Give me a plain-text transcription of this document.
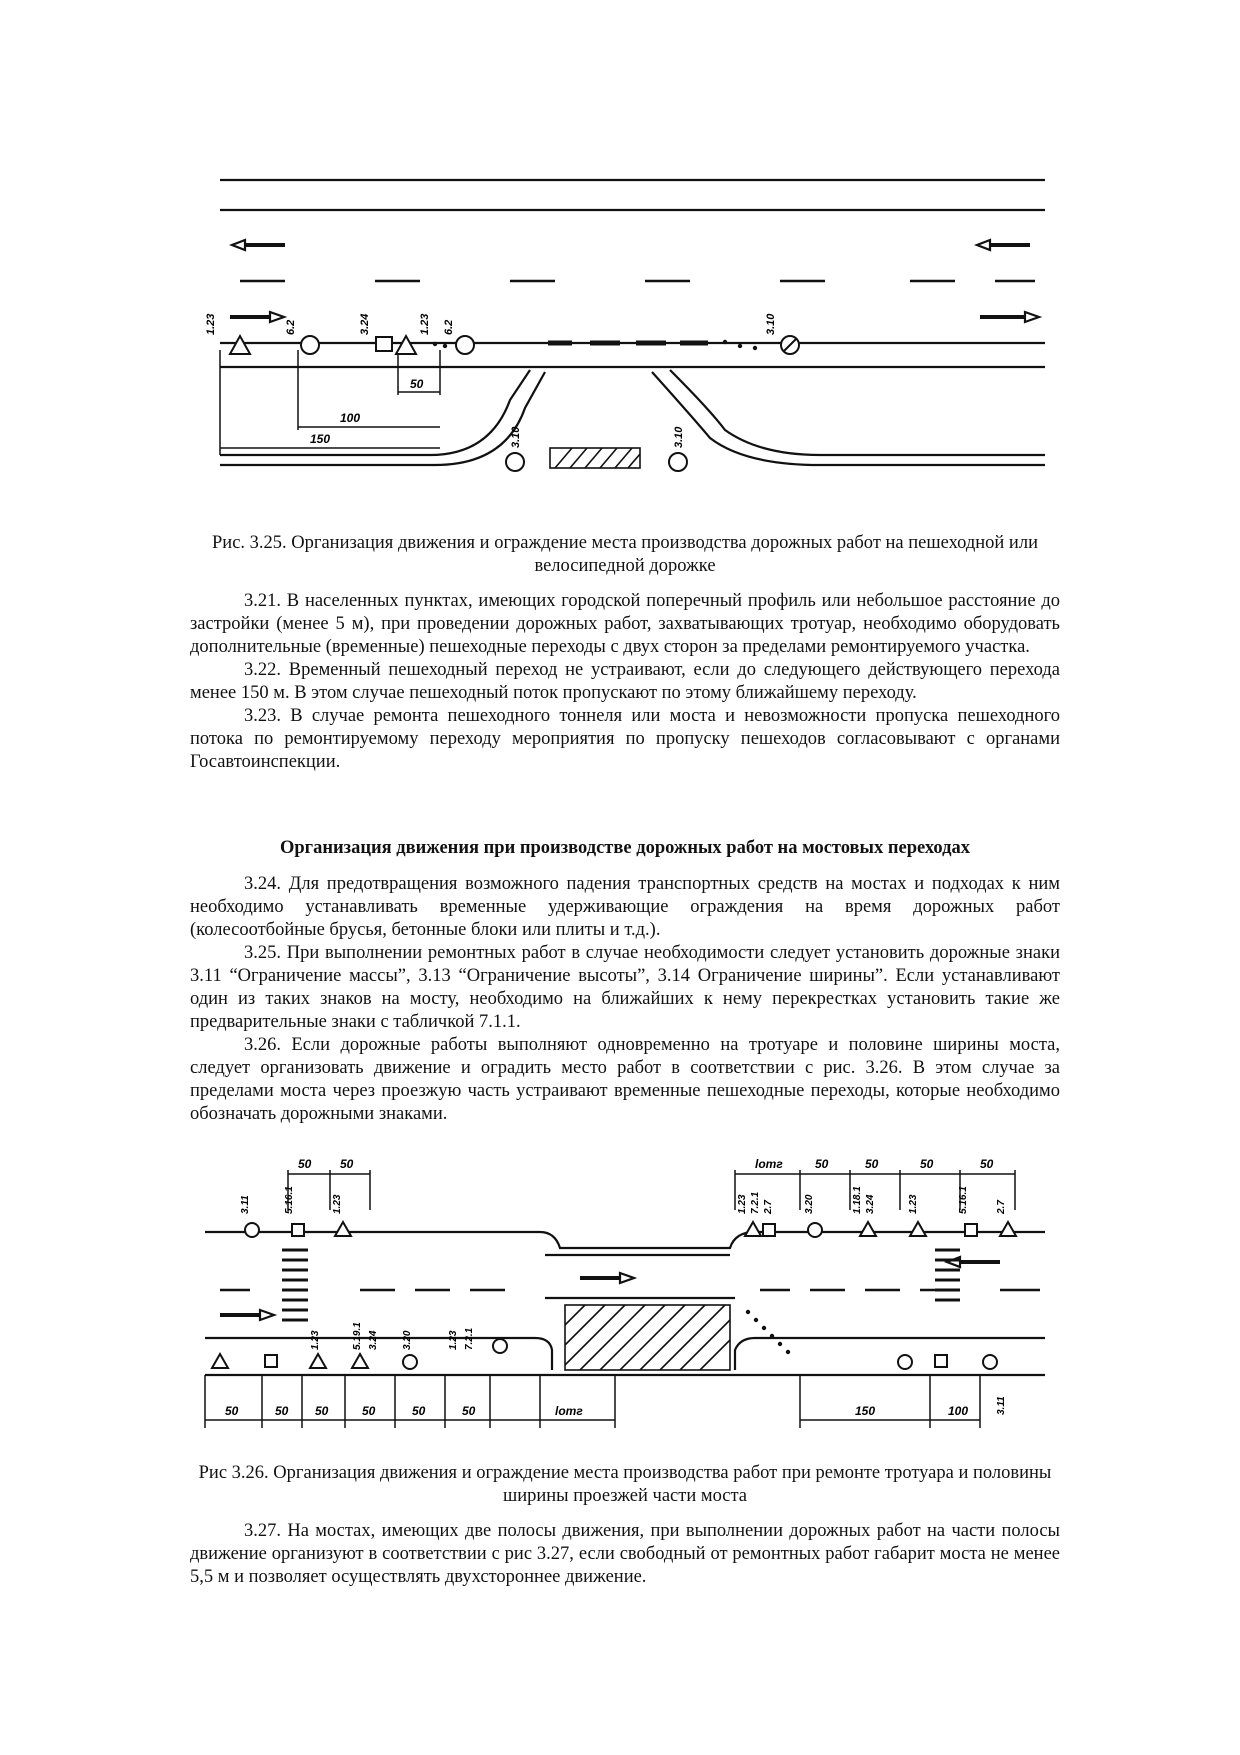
50
100
150
1.23	6.2	3.24	1.23 6.2	3.10
3.10	3.10
Рис. 3.25. Организация движения и ограждение места производства дорожных работ на пешеходной или велосипедной дорожке

3.21. В населенных пунктах, имеющих городской поперечный профиль или небольшое расстояние до застройки (менее 5 м), при проведении дорожных работ, захватывающих тротуар, необходимо оборудовать дополнительные (временные) пешеходные переходы с двух сторон за пределами ремонтируемого участка.

3.22. Временный пешеходный переход не устраивают, если до следующего действующего перехода менее 150 м. В этом случае пешеходный поток пропускают по этому ближайшему переходу.

3.23. В случае ремонта пешеходного тоннеля или моста и невозможности пропуска пешеходного потока по ремонтируемому переходу мероприятия по пропуску пешеходов согласовывают с органами Госавтоинспекции.

Организация движения при производстве дорожных работ на мостовых переходах

3.24. Для предотвращения возможного падения транспортных средств на мостах и подходах к ним необходимо устанавливать временные удерживающие ограждения на время дорожных работ (колесоотбойные брусья, бетонные блоки или плиты и т.д.).

3.25. При выполнении ремонтных работ в случае необходимости следует установить дорожные знаки 3.11 “Ограничение массы”, 3.13 “Ограничение высоты”, 3.14 Ограничение ширины”. Если устанавливают один из таких знаков на мосту, необходимо на ближайших к нему перекрестках установить такие же предварительные знаки с табличкой 7.1.1.

3.26. Если дорожные работы выполняют одновременно на тротуаре и половине ширины моста, следует организовать движение и оградить место работ в соответствии с рис. 3.26. В этом случае за пределами моста через проезжую часть устраивают временные пешеходные переходы, которые необходимо обозначать дорожными знаками.

50 50	lотг	50	50	50	50
3.11	5.16.1	1.23	1.23 7.2.1 2.7	3.20	1.18.1 3.24	1.23	5.16.1	2.7
1.23	5.19.1 3.24	1.23
3.20	7.2.1
3.11
50	50 50	50	50	50	lотг	150	100
Рис 3.26. Организация движения и ограждение места производства работ при ремонте тротуара и половины ширины проезжей части моста

3.27. На мостах, имеющих две полосы движения, при выполнении дорожных работ на части полосы движение организуют в соответствии с рис 3.27, если свободный от ремонтных работ габарит моста не менее 5,5 м и позволяет осуществлять двухстороннее движение.
